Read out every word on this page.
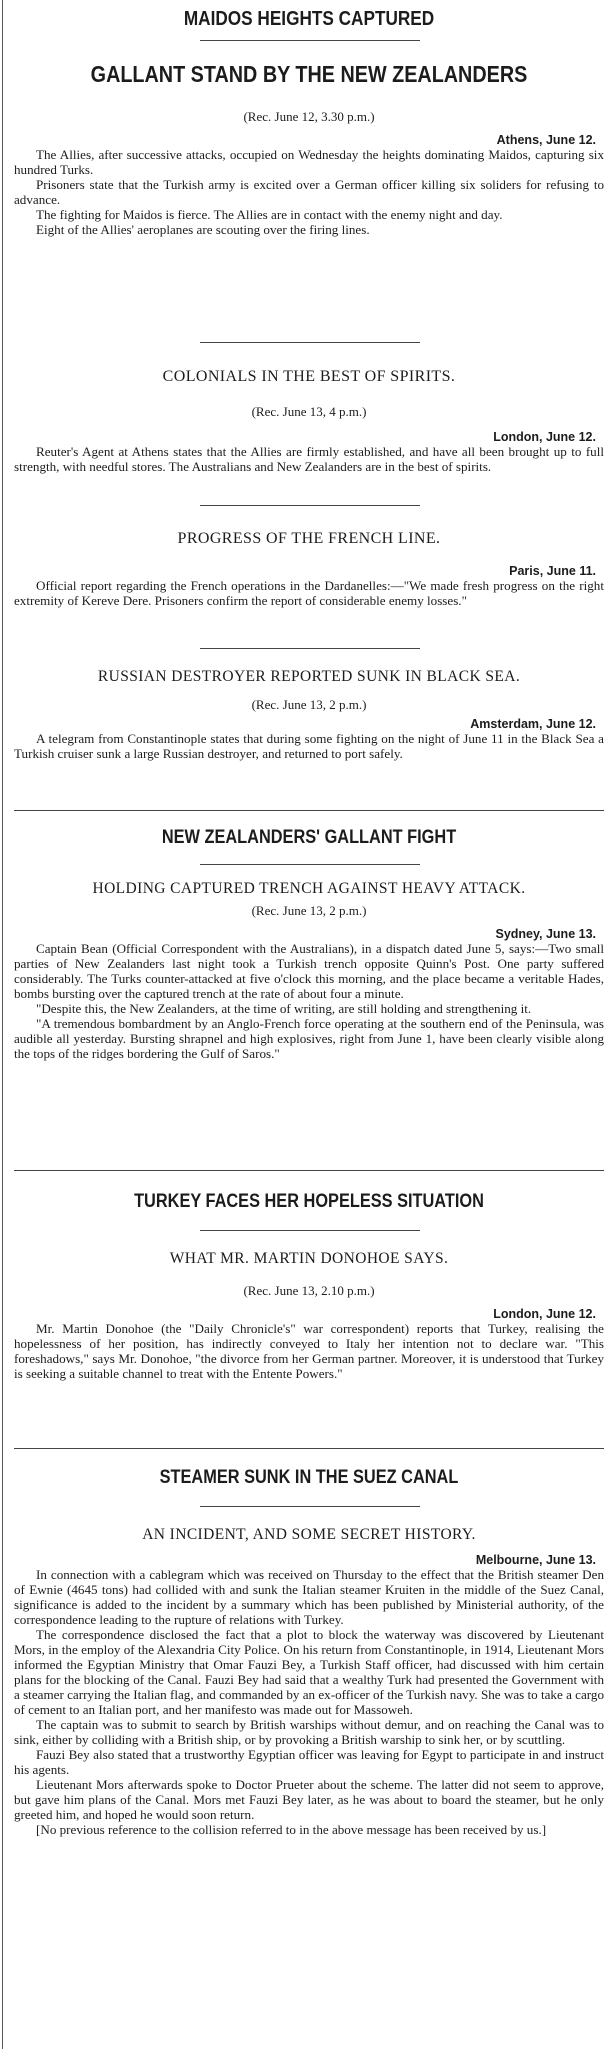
MAIDOS HEIGHTS CAPTURED

GALLANT STAND BY THE NEW ZEALANDERS

(Rec. June 12, 3.30 p.m.)

Athens, June 12.

The Allies, after successive attacks, occupied on Wednesday the heights dominating Maidos, capturing six hundred Turks.

Prisoners state that the Turkish army is excited over a German officer killing six soliders for refusing to advance.

The fighting for Maidos is fierce. The Allies are in contact with the enemy night and day.

Eight of the Allies' aeroplanes are scouting over the firing lines.

COLONIALS IN THE BEST OF SPIRITS.

(Rec. June 13, 4 p.m.)

London, June 12.

Reuter's Agent at Athens states that the Allies are firmly established, and have all been brought up to full strength, with needful stores. The Australians and New Zealanders are in the best of spirits.

PROGRESS OF THE FRENCH LINE.

Paris, June 11.

Official report regarding the French operations in the Dardanelles:—"We made fresh progress on the right extremity of Kereve Dere. Prisoners confirm the report of considerable enemy losses."

RUSSIAN DESTROYER REPORTED SUNK IN BLACK SEA.

(Rec. June 13, 2 p.m.)

Amsterdam, June 12.

A telegram from Constantinople states that during some fighting on the night of June 11 in the Black Sea a Turkish cruiser sunk a large Russian destroyer, and returned to port safely.

NEW ZEALANDERS' GALLANT FIGHT

HOLDING CAPTURED TRENCH AGAINST HEAVY ATTACK.

(Rec. June 13, 2 p.m.)

Sydney, June 13.

Captain Bean (Official Correspondent with the Australians), in a dispatch dated June 5, says:—Two small parties of New Zealanders last night took a Turkish trench opposite Quinn's Post. One party suffered considerably. The Turks counter-attacked at five o'clock this morning, and the place became a veritable Hades, bombs bursting over the captured trench at the rate of about four a minute.

"Despite this, the New Zealanders, at the time of writing, are still holding and strengthening it.

"A tremendous bombardment by an Anglo-French force operating at the southern end of the Peninsula, was audible all yesterday. Bursting shrapnel and high explosives, right from June 1, have been clearly visible along the tops of the ridges bordering the Gulf of Saros."

TURKEY FACES HER HOPELESS SITUATION

WHAT MR. MARTIN DONOHOE SAYS.

(Rec. June 13, 2.10 p.m.)

London, June 12.

Mr. Martin Donohoe (the "Daily Chronicle's" war correspondent) reports that Turkey, realising the hopelessness of her position, has indirectly conveyed to Italy her intention not to declare war. "This foreshadows," says Mr. Donohoe, "the divorce from her German partner. Moreover, it is understood that Turkey is seeking a suitable channel to treat with the Entente Powers."

STEAMER SUNK IN THE SUEZ CANAL

AN INCIDENT, AND SOME SECRET HISTORY.

Melbourne, June 13.

In connection with a cablegram which was received on Thursday to the effect that the British steamer Den of Ewnie (4645 tons) had collided with and sunk the Italian steamer Kruiten in the middle of the Suez Canal, significance is added to the incident by a summary which has been published by Ministerial authority, of the correspondence leading to the rupture of relations with Turkey.

The correspondence disclosed the fact that a plot to block the waterway was discovered by Lieutenant Mors, in the employ of the Alexandria City Police. On his return from Constantinople, in 1914, Lieutenant Mors informed the Egyptian Ministry that Omar Fauzi Bey, a Turkish Staff officer, had discussed with him certain plans for the blocking of the Canal. Fauzi Bey had said that a wealthy Turk had presented the Government with a steamer carrying the Italian flag, and commanded by an ex-officer of the Turkish navy. She was to take a cargo of cement to an Italian port, and her manifesto was made out for Massoweh.

The captain was to submit to search by British warships without demur, and on reaching the Canal was to sink, either by colliding with a British ship, or by provoking a British warship to sink her, or by scuttling.

Fauzi Bey also stated that a trustworthy Egyptian officer was leaving for Egypt to participate in and instruct his agents.

Lieutenant Mors afterwards spoke to Doctor Prueter about the scheme. The latter did not seem to approve, but gave him plans of the Canal. Mors met Fauzi Bey later, as he was about to board the steamer, but he only greeted him, and hoped he would soon return.

[No previous reference to the collision referred to in the above message has been received by us.]
